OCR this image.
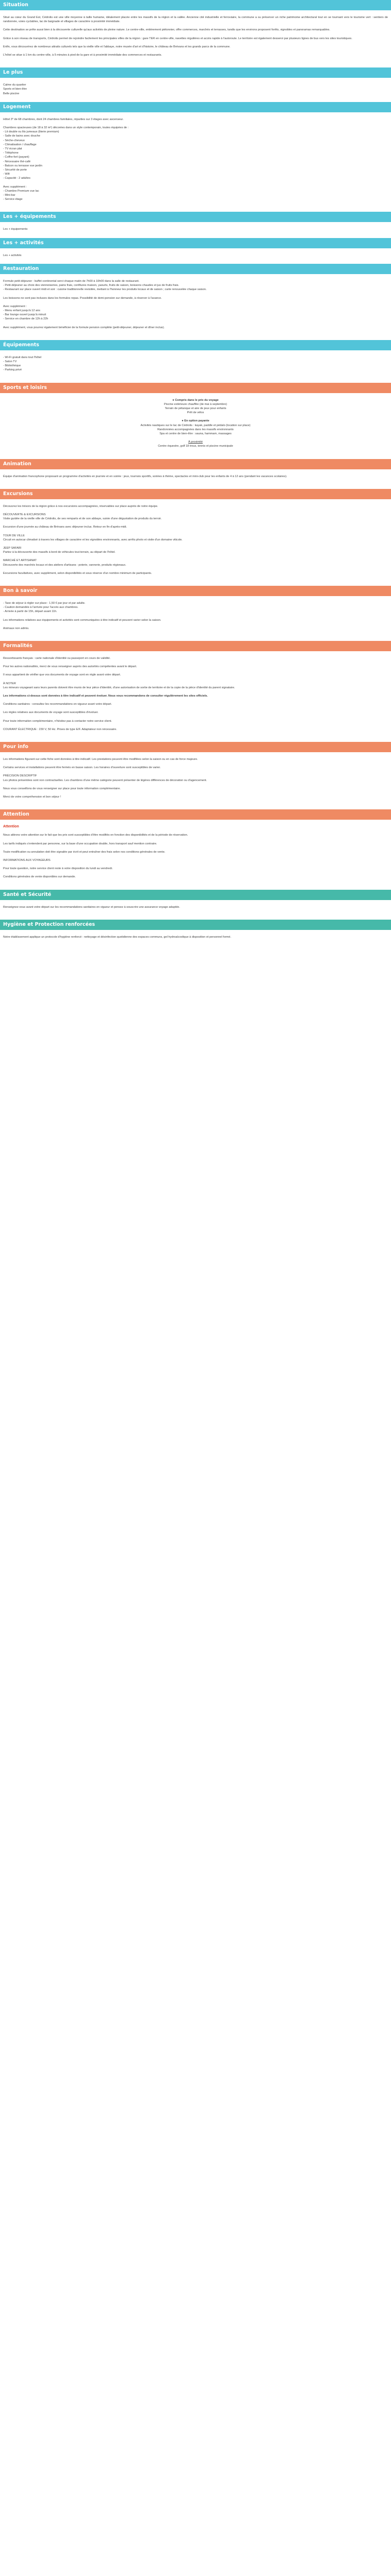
Situation

Situé au cœur du Grand Est, Cédrolis est une ville moyenne à taille humaine, idéalement placée entre les massifs de la région et la vallée. Ancienne cité industrielle et ferroviaire, la commune a su préserver un riche patrimoine architectural tout en se tournant vers le tourisme vert : sentiers de randonnée, voies cyclables, lac de baignade et villages de caractère à proximité immédiate.

Cette destination se prête aussi bien à la découverte culturelle qu'aux activités de pleine nature. Le centre-ville, entièrement piétonnier, offre commerces, marchés et terrasses, tandis que les environs proposent forêts, vignobles et panoramas remarquables.

Grâce à son réseau de transports, Cédrolis permet de rejoindre facilement les principales villes de la région : gare TER en centre-ville, navettes régulières et accès rapide à l'autoroute. Le territoire est également desservi par plusieurs lignes de bus vers les sites touristiques.

Enfin, vous découvrirez de nombreux attraits culturels tels que la vieille ville et l'abbaye, notre musée d'art et d'histoire, le château de Brévans et les grands parcs de la commune.

L'hôtel se situe à 1 km du centre-ville, à 5 minutes à pied de la gare et à proximité immédiate des commerces et restaurants.

Le plus

Calme du quartier

Sports et bien-être

Belle piscine

Logement

Hôtel 3* de 68 chambres, dont 24 chambres familiales, réparties sur 3 étages avec ascenseur.

Chambres spacieuses (de 18 à 32 m²) décorées dans un style contemporain, toutes équipées de :

- Lit double ou lits jumeaux (literie premium)
- Salle de bains avec douche
- Sèche-cheveux
- Climatisation / chauffage
- TV écran plat
- Téléphone
- Coffre-fort (payant)
- Nécessaire thé-café
- Balcon ou terrasse vue jardin
- Sécurité de porte
- Wifi
- Capacité : 2 adultes

Avec supplément :

- Chambre Premium vue lac
- Mini-bar
- Service étage
Les + équipements

Les + équipements

Les + activités

Les + activités

Restauration

Formule petit-déjeuner : buffet continental servi chaque matin de 7h00 à 10h00 dans la salle de restaurant.

- Petit-déjeuner au choix des viennoiseries, pains frais, confitures maison, yaourts, fruits de saison, boissons chaudes et jus de fruits frais.
- Restaurant sur place ouvert midi et soir : cuisine traditionnelle revisitée, mettant à l'honneur les produits locaux et de saison ; carte renouvelée chaque saison.

Les boissons ne sont pas incluses dans les formules repas. Possibilité de demi-pension sur demande, à réserver à l'avance.

Avec supplément :

- Menu enfant jusqu'à 12 ans
- Bar lounge ouvert jusqu'à minuit
- Service en chambre de 12h à 22h

Avec supplément, vous pourrez également bénéficier de la formule pension complète (petit-déjeuner, déjeuner et dîner inclus).

Équipements
- Wi-Fi gratuit dans tout l'hôtel
- Salon TV
- Bibliothèque
- Parking privé
Sports et loisirs

● Compris dans le prix du voyage

Piscine extérieure chauffée (de mai à septembre)

Terrain de pétanque et aire de jeux pour enfants

Prêt de vélos

● En option payante

Activités nautiques sur le lac de Cédrolis : kayak, paddle et pédalo (location sur place)

Randonnées accompagnées dans les massifs environnants

Spa et centre de bien-être : sauna, hammam, massages

À proximité

Centre équestre, golf 18 trous, tennis et piscine municipale

Animation

Équipe d'animation francophone proposant un programme d'activités en journée et en soirée : jeux, tournois sportifs, soirées à thème, spectacles et mini-club pour les enfants de 4 à 12 ans (pendant les vacances scolaires).

Excursions

Découvrez les trésors de la région grâce à nos excursions accompagnées, réservables sur place auprès de notre équipe.

DÉCOUVERTE & EXCURSIONS

Visite guidée de la vieille ville de Cédrolis, de ses remparts et de son abbaye, suivie d'une dégustation de produits du terroir.

Excursion d'une journée au château de Brévans avec déjeuner inclus. Retour en fin d'après-midi.

TOUR DE VILLE

Circuit en autocar climatisé à travers les villages de caractère et les vignobles environnants, avec arrêts photo et visite d'un domaine viticole.

JEEP SAFARI

Partez à la découverte des massifs à bord de véhicules tout-terrain, au départ de l'hôtel.

MARCHÉ ET ARTISANAT

Découverte des marchés locaux et des ateliers d'artisans : poterie, vannerie, produits régionaux.

Excursions facultatives, avec supplément, selon disponibilités et sous réserve d'un nombre minimum de participants.

Bon à savoir
- Taxe de séjour à régler sur place : 1,50 € par jour et par adulte.
- Caution demandée à l'arrivée pour l'accès aux chambres.
- Arrivée à partir de 15h, départ avant 11h.

Les informations relatives aux équipements et activités sont communiquées à titre indicatif et peuvent varier selon la saison.

Animaux non admis.

Formalités

Ressortissants français : carte nationale d'identité ou passeport en cours de validité.

Pour les autres nationalités, merci de vous renseigner auprès des autorités compétentes avant le départ.

Il vous appartient de vérifier que vos documents de voyage sont en règle avant votre départ.

À NOTER

Les mineurs voyageant sans leurs parents doivent être munis de leur pièce d'identité, d'une autorisation de sortie de territoire et de la copie de la pièce d'identité du parent signataire.

Les informations ci-dessus sont données à titre indicatif et peuvent évoluer. Nous vous recommandons de consulter régulièrement les sites officiels.

Conditions sanitaires : consultez les recommandations en vigueur avant votre départ.

Les règles relatives aux documents de voyage sont susceptibles d'évoluer.

Pour toute information complémentaire, n'hésitez pas à contacter notre service client.

COURANT ÉLECTRIQUE : 230 V, 50 Hz. Prises de type E/F. Adaptateur non nécessaire.

Pour info

Les informations figurant sur cette fiche sont données à titre indicatif. Les prestations peuvent être modifiées selon la saison ou en cas de force majeure.

Certains services et installations peuvent être fermés en basse saison. Les horaires d'ouverture sont susceptibles de varier.

PRÉCISION DESCRIPTIF

Les photos présentées sont non contractuelles. Les chambres d'une même catégorie peuvent présenter de légères différences de décoration ou d'agencement.

Nous vous conseillons de vous renseigner sur place pour toute information complémentaire.

Merci de votre compréhension et bon séjour !

Attention

Attention

Nous attirons votre attention sur le fait que les prix sont susceptibles d'être modifiés en fonction des disponibilités et de la période de réservation.

Les tarifs indiqués s'entendent par personne, sur la base d'une occupation double, hors transport sauf mention contraire.

Toute modification ou annulation doit être signalée par écrit et peut entraîner des frais selon nos conditions générales de vente.

INFORMATIONS AUX VOYAGEURS

Pour toute question, notre service client reste à votre disposition du lundi au vendredi.

Conditions générales de vente disponibles sur demande.

Santé et Sécurité

Renseignez-vous avant votre départ sur les recommandations sanitaires en vigueur et pensez à souscrire une assurance voyage adaptée.

Hygiène et Protection renforcées

Notre établissement applique un protocole d'hygiène renforcé : nettoyage et désinfection quotidienne des espaces communs, gel hydroalcoolique à disposition et personnel formé.
